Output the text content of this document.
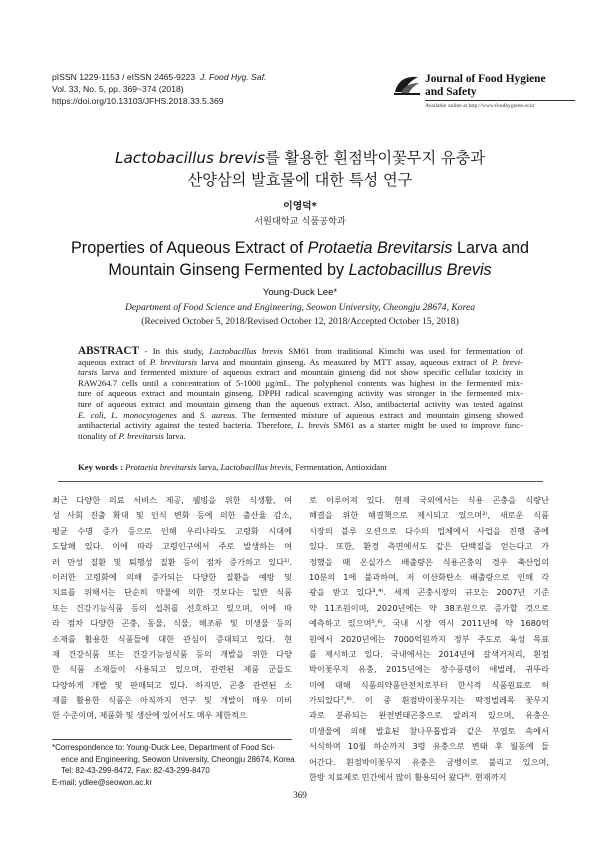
pISSN 1229-1153 / eISSN 2465-9223 J. Food Hyg. Saf.
Vol. 33, No. 5, pp. 369~374 (2018)
https://doi.org/10.13103/JFHS.2018.33.5.369
Journal of Food Hygiene
and Safety
Available online at http://www.foodhygiene.or.kr
Lactobacillus brevis를 활용한 흰점박이꽃무지 유충과
산양삼의 발효물에 대한 특성 연구
이영덕*
서원대학교 식품공학과
Properties of Aqueous Extract of Protaetia Brevitarsis Larva and
Mountain Ginseng Fermented by Lactobacillus Brevis
Young-Duck Lee*
Department of Food Science and Engineering, Seowon University, Cheongju 28674, Korea
(Received October 5, 2018/Revised October 12, 2018/Accepted October 15, 2018)
ABSTRACT - In this study, Lactobacillus brevis SM61 from traditional Kimchi was used for fermentation of
aqueous extract of P. brevitarsis larva and mountain ginseng. As measured by MTT assay, aqueous extract of P. brevi-
tarsis larva and fermented mixture of aqueous extract and mountain ginseng did not show specific cellular toxicity in
RAW264.7 cells until a concentration of 5-1000 μg/mL. The polyphenol contents was highest in the fermented mix-
ture of aqueous extract and mountain ginseng. DPPH radical scavenging activity was stronger in the fermented mix-
ture of aqueous extract and mountain ginseng than the aqueous extract. Also, antibacterial activity was tested against
E. coli, L. monocytogenes and S. aureus. The fermented mixture of aqueous extract and mountain ginseng showed
antibacterial activity against the tested bacteria. Therefore, L. brevis SM61 as a starter might be used to improve func-
tionality of P. brevitarsis larva.
Key words : Protaetia brevitarsis larva, Lactobacillus brevis, Fermentation, Antioxidant
최근 다양한 의료 서비스 제공, 웰빙을 위한 식생활, 여
성 사회 진출 확대 및 인식 변화 등에 의한 출산율 감소,
평균 수명 증가 등으로 인해 우리나라도 고령화 시대에
도달해 있다. 이에 따라 고령인구에서 주로 발생하는 여
러 만성 질환 및 퇴행성 질환 등이 점차 증가하고 있다¹⁾.
이러한 고령화에 의해 증가되는 다양한 질환을 예방 및
치료를 위해서는 단순히 약물에 의한 것보다는 일반 식품
또는 건강기능식품 등의 섭취를 선호하고 있으며, 이에 따
라 점차 다양한 곤충, 동물, 식물, 해조류 및 미생물 등의
소재를 활용한 식품들에 대한 관심이 증대되고 있다. 현
재 건강식품 또는 건강기능성식품 등의 개발을 위한 다양
한 식품 소재들이 사용되고 있으며, 관련된 제품 군들도
다양하게 개발 및 판매되고 있다. 하지만, 곤충 관련된 소
재를 활용한 식품은 아직까지 연구 및 개발이 매우 미비
한 수준이며, 제품화 및 생산에 있어서도 매우 제한적으
로 이루어져 있다. 현재 국외에서는 식용 곤충을 식량난
해결을 위한 해결책으로 제시되고 있으며²⁾, 새로운 식품
시장의 블루 오션으로 다수의 업체에서 사업을 진행 중에
있다. 또한, 환경 측면에서도 같은 단백질을 얻는다고 가
정했을 때 온실가스 배출량은 식용곤충의 경우 축산업의
10분의 1에 불과하여, 저 이산화탄소 배출량으로 인해 각
광을 받고 있다³,⁴⁾. 세계 곤충시장의 규모는 2007년 기준
약 11조원이며, 2020년에는 약 38조원으로 증가할 것으로
예측하고 있으며⁵,⁶⁾, 국내 시장 역시 2011년에 약 1680억
원에서 2020년에는 7000억원까지 정부 주도로 육성 목표
를 제시하고 있다. 국내에서는 2014년에 갈색거저리, 흰점
박이꽃무지 유충, 2015년에는 장수풍뎅이 애벌레, 귀뚜라
미에 대해 식품의약품안전처로부터 한시적 식품원료로 허
가되었다⁷,⁸⁾. 이 중 흰점박이꽃무지는 딱정벌레목 꽃무지
과로 분류되는 완전변태곤충으로 알려져 있으며, 유충은
미생물에 의해 발효된 참나무톱밥과 같은 부엽토 속에서
서식하며 10월 하순까지 3령 유충으로 변태 후 월동에 들
어간다. 흰점박이꽃무지 유충은 굼벵이로 불리고 있으며,
한방 치료제로 민간에서 많이 활용되어 왔다⁹⁾. 현재까지
*Correspondence to: Young-Duck Lee, Department of Food Sci-
ence and Engineering, Seowon University, Cheongju 28674, Korea
Tel: 82-43-299-8472, Fax: 82-43-299-8470
E-mail: ydlee@seowon.ac.kr
369
